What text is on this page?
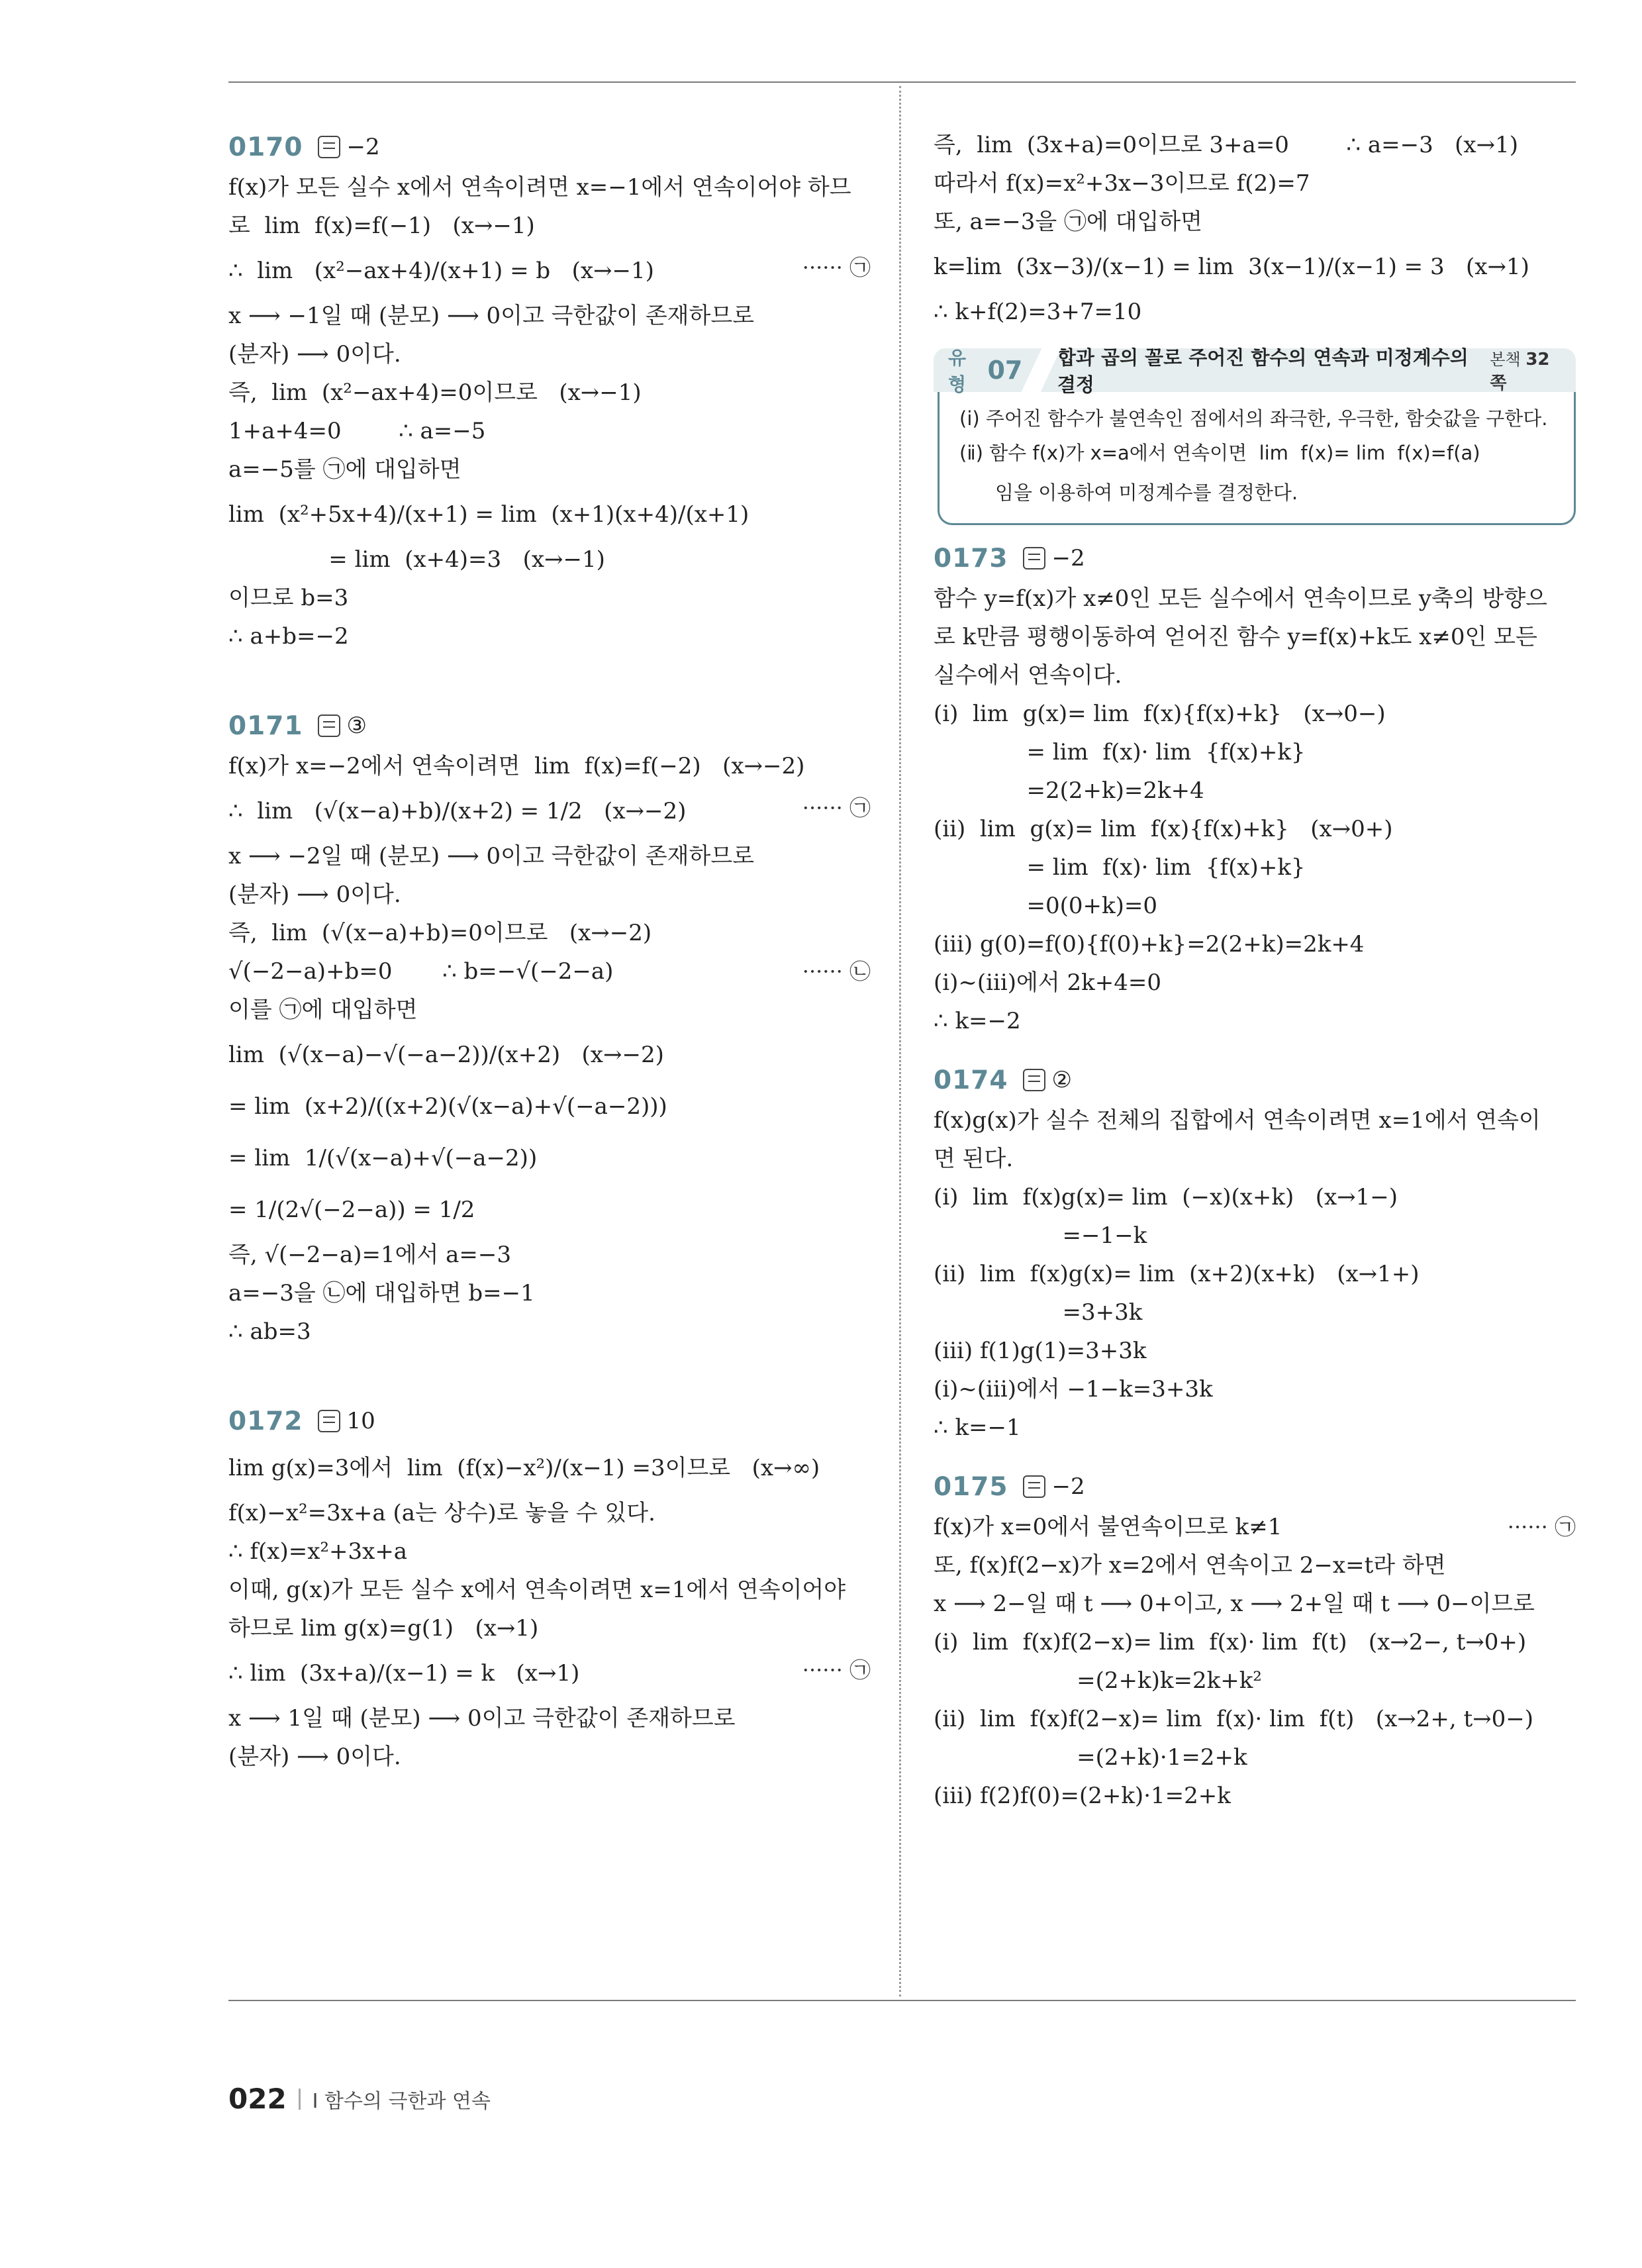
0170 −2
f(x)가 모든 실수 x에서 연속이려면 x=−1에서 연속이어야 하므
로  lim  f(x)=f(−1)   (x→−1)
∴  lim   (x²−ax+4)/(x+1) = b   (x→−1)	······ ㉠
x ⟶ −1일 때 (분모) ⟶ 0이고 극한값이 존재하므로
(분자) ⟶ 0이다.
즉,  lim  (x²−ax+4)=0이므로   (x→−1)
1+a+4=0        ∴ a=−5
a=−5를 ㉠에 대입하면
lim  (x²+5x+4)/(x+1) = lim  (x+1)(x+4)/(x+1)
= lim  (x+4)=3   (x→−1)
이므로 b=3
∴ a+b=−2
0171 ③
f(x)가 x=−2에서 연속이려면  lim  f(x)=f(−2)   (x→−2)
∴  lim   (√(x−a)+b)/(x+2) = 1/2   (x→−2)	······ ㉠
x ⟶ −2일 때 (분모) ⟶ 0이고 극한값이 존재하므로
(분자) ⟶ 0이다.
즉,  lim  (√(x−a)+b)=0이므로   (x→−2)
√(−2−a)+b=0       ∴ b=−√(−2−a)	······ ㉡
이를 ㉠에 대입하면
lim  (√(x−a)−√(−a−2))/(x+2)   (x→−2)
= lim  (x+2)/((x+2)(√(x−a)+√(−a−2)))
= lim  1/(√(x−a)+√(−a−2))
= 1/(2√(−2−a)) = 1/2
즉, √(−2−a)=1에서 a=−3
a=−3을 ㉡에 대입하면 b=−1
∴ ab=3
0172 10
lim g(x)=3에서  lim  (f(x)−x²)/(x−1) =3이므로   (x→∞)
f(x)−x²=3x+a (a는 상수)로 놓을 수 있다.
∴ f(x)=x²+3x+a
이때, g(x)가 모든 실수 x에서 연속이려면 x=1에서 연속이어야
하므로 lim g(x)=g(1)   (x→1)
∴ lim  (3x+a)/(x−1) = k   (x→1)	······ ㉠
x ⟶ 1일 때 (분모) ⟶ 0이고 극한값이 존재하므로
(분자) ⟶ 0이다.
즉,  lim  (3x+a)=0이므로 3+a=0        ∴ a=−3   (x→1)
따라서 f(x)=x²+3x−3이므로 f(2)=7
또, a=−3을 ㉠에 대입하면
k=lim  (3x−3)/(x−1) = lim  3(x−1)/(x−1) = 3   (x→1)
∴ k+f(2)=3+7=10
유형 07 합과 곱의 꼴로 주어진 함수의 연속과 미정계수의 결정
본책 32쪽
(ⅰ) 주어진 함수가 불연속인 점에서의 좌극한, 우극한, 함숫값을 구한다.
(ⅱ) 함수 f(x)가 x=a에서 연속이면  lim  f(x)= lim  f(x)=f(a)
임을 이용하여 미정계수를 결정한다.
0173 −2
함수 y=f(x)가 x≠0인 모든 실수에서 연속이므로 y축의 방향으
로 k만큼 평행이동하여 얻어진 함수 y=f(x)+k도 x≠0인 모든
실수에서 연속이다.
(ⅰ)  lim  g(x)= lim  f(x){f(x)+k}   (x→0−)
= lim  f(x)· lim  {f(x)+k}
=2(2+k)=2k+4
(ⅱ)  lim  g(x)= lim  f(x){f(x)+k}   (x→0+)
= lim  f(x)· lim  {f(x)+k}
=0(0+k)=0
(ⅲ) g(0)=f(0){f(0)+k}=2(2+k)=2k+4
(ⅰ)~(ⅲ)에서 2k+4=0
∴ k=−2
0174 ②
f(x)g(x)가 실수 전체의 집합에서 연속이려면 x=1에서 연속이
면 된다.
(ⅰ)  lim  f(x)g(x)= lim  (−x)(x+k)   (x→1−)
=−1−k
(ⅱ)  lim  f(x)g(x)= lim  (x+2)(x+k)   (x→1+)
=3+3k
(ⅲ) f(1)g(1)=3+3k
(ⅰ)~(ⅲ)에서 −1−k=3+3k
∴ k=−1
0175 −2
f(x)가 x=0에서 불연속이므로 k≠1	······ ㉠
또, f(x)f(2−x)가 x=2에서 연속이고 2−x=t라 하면
x ⟶ 2−일 때 t ⟶ 0+이고, x ⟶ 2+일 때 t ⟶ 0−이므로
(ⅰ)  lim  f(x)f(2−x)= lim  f(x)· lim  f(t)   (x→2−, t→0+)
=(2+k)k=2k+k²
(ⅱ)  lim  f(x)f(2−x)= lim  f(x)· lim  f(t)   (x→2+, t→0−)
=(2+k)·1=2+k
(ⅲ) f(2)f(0)=(2+k)·1=2+k
022 I 함수의 극한과 연속
